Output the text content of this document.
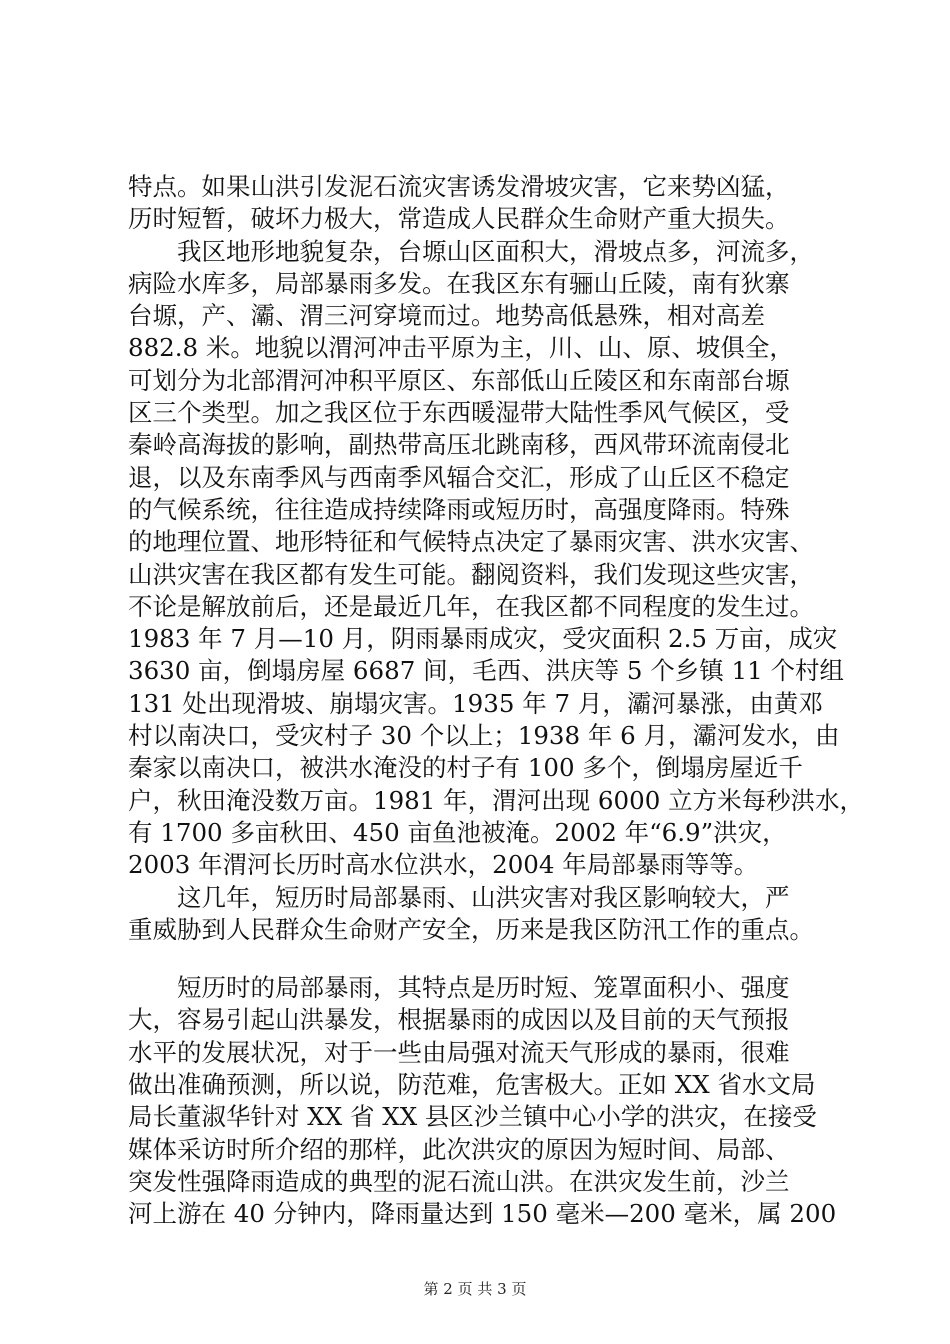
特点。如果山洪引发泥石流灾害诱发滑坡灾害，它来势凶猛，
历时短暂，破坏力极大，常造成人民群众生命财产重大损失。
　　我区地形地貌复杂，台塬山区面积大，滑坡点多，河流多，
病险水库多，局部暴雨多发。在我区东有骊山丘陵，南有狄寨
台塬，产、灞、渭三河穿境而过。地势高低悬殊，相对高差
882.8 米。地貌以渭河冲击平原为主，川、山、原、坡俱全，
可划分为北部渭河冲积平原区、东部低山丘陵区和东南部台塬
区三个类型。加之我区位于东西暖湿带大陆性季风气候区，受
秦岭高海拔的影响，副热带高压北跳南移，西风带环流南侵北
退，以及东南季风与西南季风辐合交汇，形成了山丘区不稳定
的气候系统，往往造成持续降雨或短历时，高强度降雨。特殊
的地理位置、地形特征和气候特点决定了暴雨灾害、洪水灾害、
山洪灾害在我区都有发生可能。翻阅资料，我们发现这些灾害，
不论是解放前后，还是最近几年，在我区都不同程度的发生过。
1983 年 7 月—10 月，阴雨暴雨成灾，受灾面积 2.5 万亩，成灾
3630 亩，倒塌房屋 6687 间，毛西、洪庆等 5 个乡镇 11 个村组
131 处出现滑坡、崩塌灾害。1935 年 7 月，灞河暴涨，由黄邓
村以南决口，受灾村子 30 个以上；1938 年 6 月，灞河发水，由
秦家以南决口，被洪水淹没的村子有 100 多个，倒塌房屋近千
户，秋田淹没数万亩。1981 年，渭河出现 6000 立方米每秒洪水，
有 1700 多亩秋田、450 亩鱼池被淹。2002 年“6.9”洪灾，
2003 年渭河长历时高水位洪水，2004 年局部暴雨等等。
　　这几年，短历时局部暴雨、山洪灾害对我区影响较大，严
重威胁到人民群众生命财产安全，历来是我区防汛工作的重点。
　　短历时的局部暴雨，其特点是历时短、笼罩面积小、强度
大，容易引起山洪暴发，根据暴雨的成因以及目前的天气预报
水平的发展状况，对于一些由局强对流天气形成的暴雨，很难
做出准确预测，所以说，防范难，危害极大。正如 XX 省水文局
局长董淑华针对 XX 省 XX 县区沙兰镇中心小学的洪灾，在接受
媒体采访时所介绍的那样，此次洪灾的原因为短时间、局部、
突发性强降雨造成的典型的泥石流山洪。在洪灾发生前，沙兰
河上游在 40 分钟内，降雨量达到 150 毫米—200 毫米，属 200
第 2 页 共 3 页
